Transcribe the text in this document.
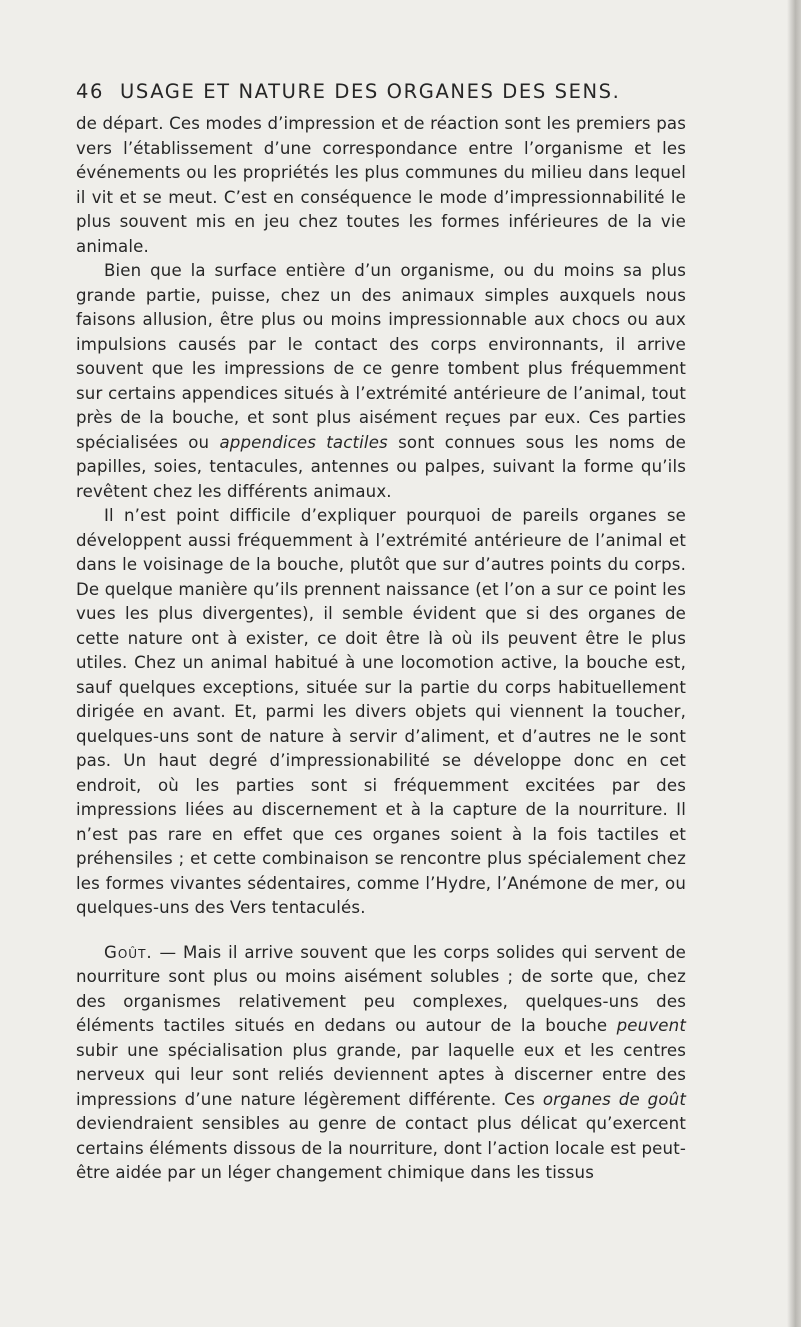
46 USAGE ET NATURE DES ORGANES DES SENS.

de départ. Ces modes d’impression et de réaction sont les premiers pas vers l’établissement d’une correspondance entre l’organisme et les événements ou les propriétés les plus communes du milieu dans lequel il vit et se meut. C’est en conséquence le mode d’impressionnabilité le plus souvent mis en jeu chez toutes les formes inférieures de la vie animale.

Bien que la surface entière d’un organisme, ou du moins sa plus grande partie, puisse, chez un des animaux simples auxquels nous faisons allusion, être plus ou moins impressionnable aux chocs ou aux impulsions causés par le contact des corps environnants, il arrive souvent que les impressions de ce genre tombent plus fréquemment sur certains appendices situés à l’extrémité antérieure de l’animal, tout près de la bouche, et sont plus aisément reçues par eux. Ces parties spécialisées ou appendices tactiles sont connues sous les noms de papilles, soies, tentacules, antennes ou palpes, suivant la forme qu’ils revêtent chez les différents animaux.

Il n’est point difficile d’expliquer pourquoi de pareils organes se développent aussi fréquemment à l’extrémité antérieure de l’animal et dans le voisinage de la bouche, plutôt que sur d’autres points du corps. De quelque manière qu’ils prennent naissance (et l’on a sur ce point les vues les plus divergentes), il semble évident que si des organes de cette nature ont à exister, ce doit être là où ils peuvent être le plus utiles. Chez un animal habitué à une locomotion active, la bouche est, sauf quelques exceptions, située sur la partie du corps habituellement dirigée en avant. Et, parmi les divers objets qui viennent la toucher, quelques-uns sont de nature à servir d’aliment, et d’autres ne le sont pas. Un haut degré d’impressionabilité se développe donc en cet endroit, où les parties sont si fréquemment excitées par des impressions liées au discernement et à la capture de la nourriture. Il n’est pas rare en effet que ces organes soient à la fois tactiles et préhensiles ; et cette combinaison se rencontre plus spécialement chez les formes vivantes sédentaires, comme l’Hydre, l’Anémone de mer, ou quelques-uns des Vers tentaculés.

Goût. — Mais il arrive souvent que les corps solides qui servent de nourriture sont plus ou moins aisément solubles ; de sorte que, chez des organismes relativement peu complexes, quelques-uns des éléments tactiles situés en dedans ou autour de la bouche peuvent subir une spécialisation plus grande, par laquelle eux et les centres nerveux qui leur sont reliés deviennent aptes à discerner entre des impressions d’une nature légèrement différente. Ces organes de goût deviendraient sensibles au genre de contact plus délicat qu’exercent certains éléments dissous de la nourriture, dont l’action locale est peut-être aidée par un léger changement chimique dans les tissus
